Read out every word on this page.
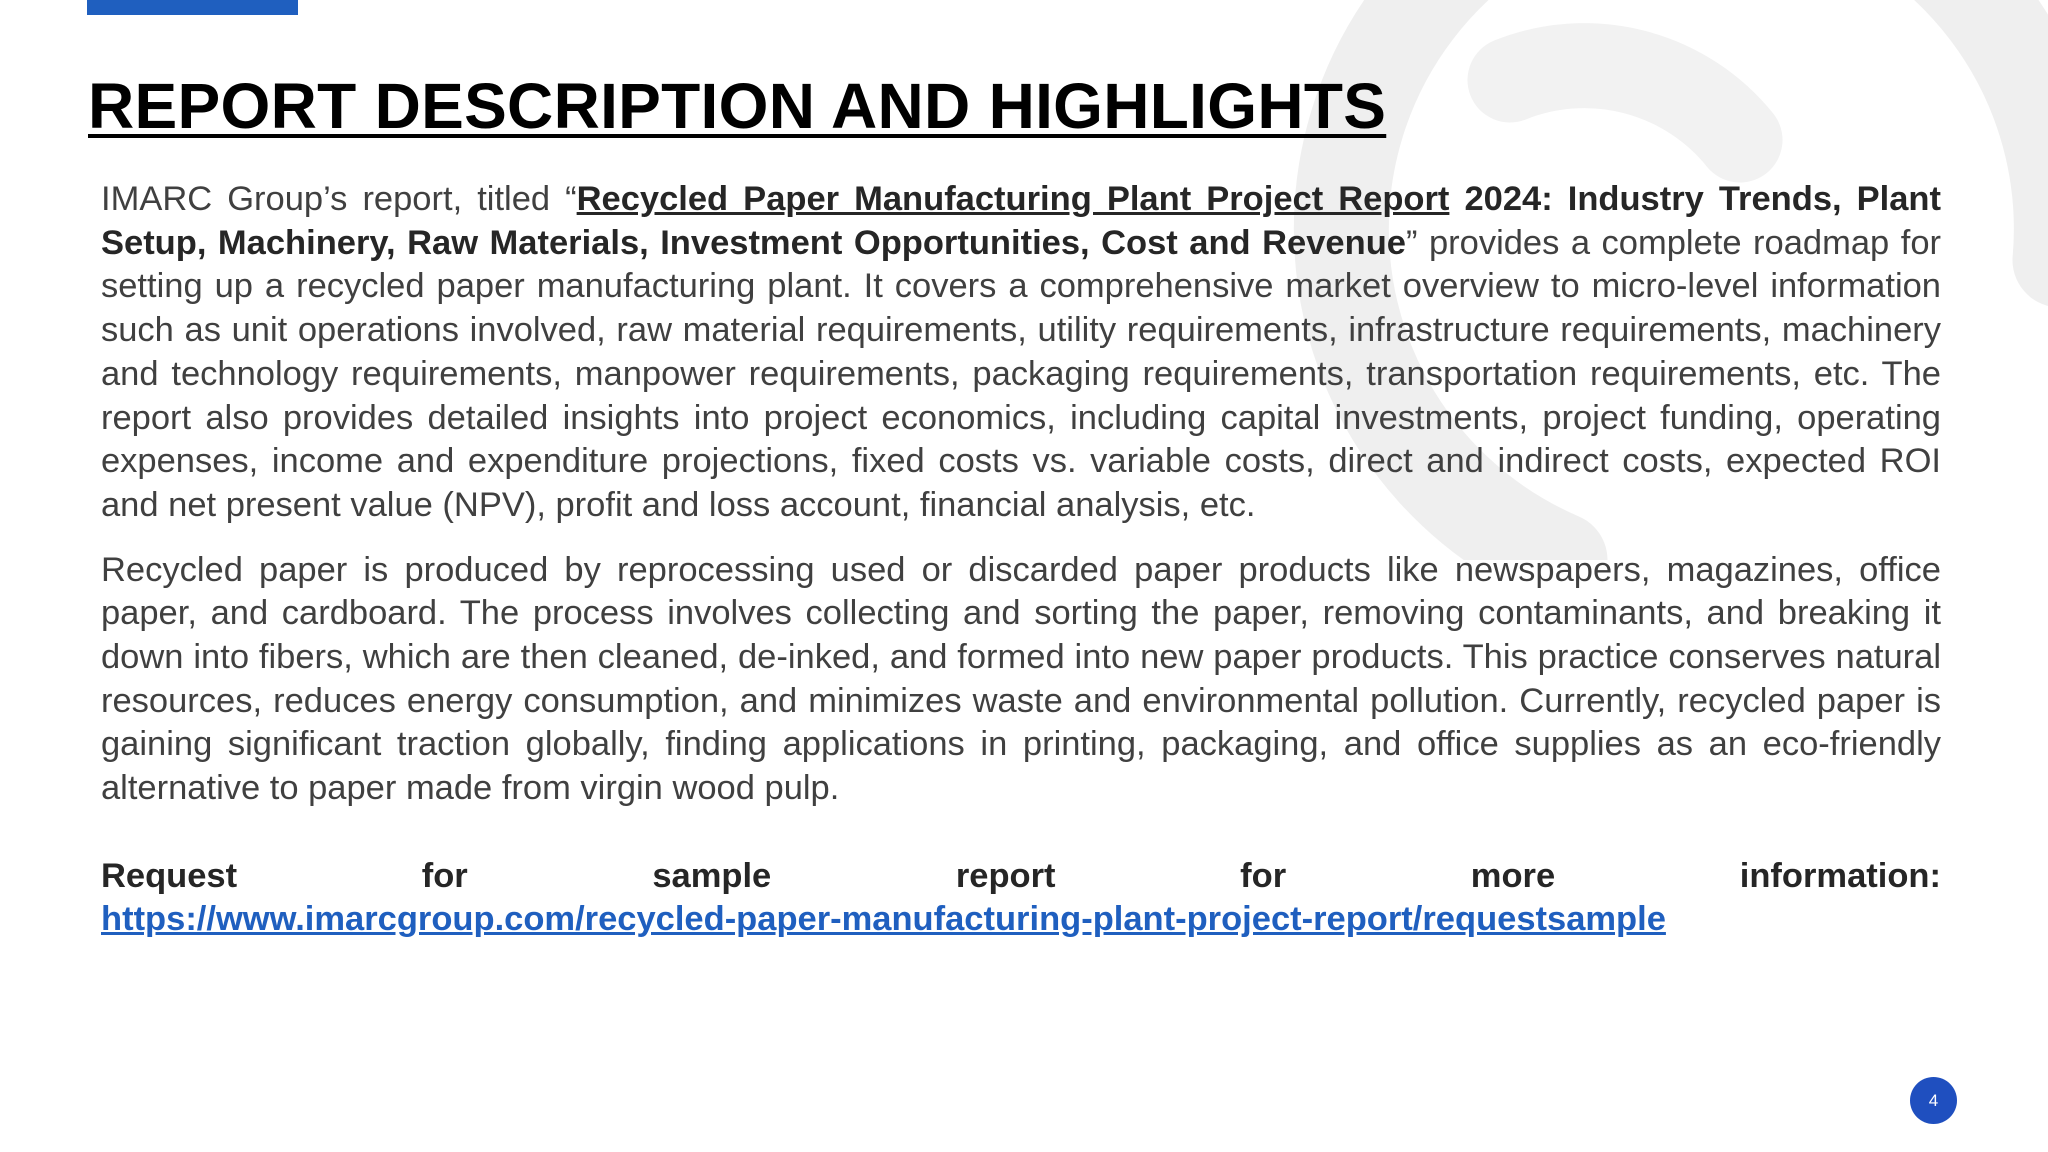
REPORT DESCRIPTION AND HIGHLIGHTS

IMARC Group’s report, titled “Recycled Paper Manufacturing Plant Project Report 2024: Industry Trends, Plant Setup, Machinery, Raw Materials, Investment Opportunities, Cost and Revenue” provides a complete roadmap for setting up a recycled paper manufacturing plant. It covers a comprehensive market overview to micro-level information such as unit operations involved, raw material requirements, utility requirements, infrastructure requirements, machinery and technology requirements, manpower requirements, packaging requirements, transportation requirements, etc. The report also provides detailed insights into project economics, including capital investments, project funding, operating expenses, income and expenditure projections, fixed costs vs. variable costs, direct and indirect costs, expected ROI and net present value (NPV), profit and loss account, financial analysis, etc.

Recycled paper is produced by reprocessing used or discarded paper products like newspapers, magazines, office paper, and cardboard. The process involves collecting and sorting the paper, removing contaminants, and breaking it down into fibers, which are then cleaned, de-inked, and formed into new paper products. This practice conserves natural resources, reduces energy consumption, and minimizes waste and environmental pollution. Currently, recycled paper is gaining significant traction globally, finding applications in printing, packaging, and office supplies as an eco-friendly alternative to paper made from virgin wood pulp.

Request for sample report for more information:
https://www.imarcgroup.com/recycled-paper-manufacturing-plant-project-report/requestsample
4
